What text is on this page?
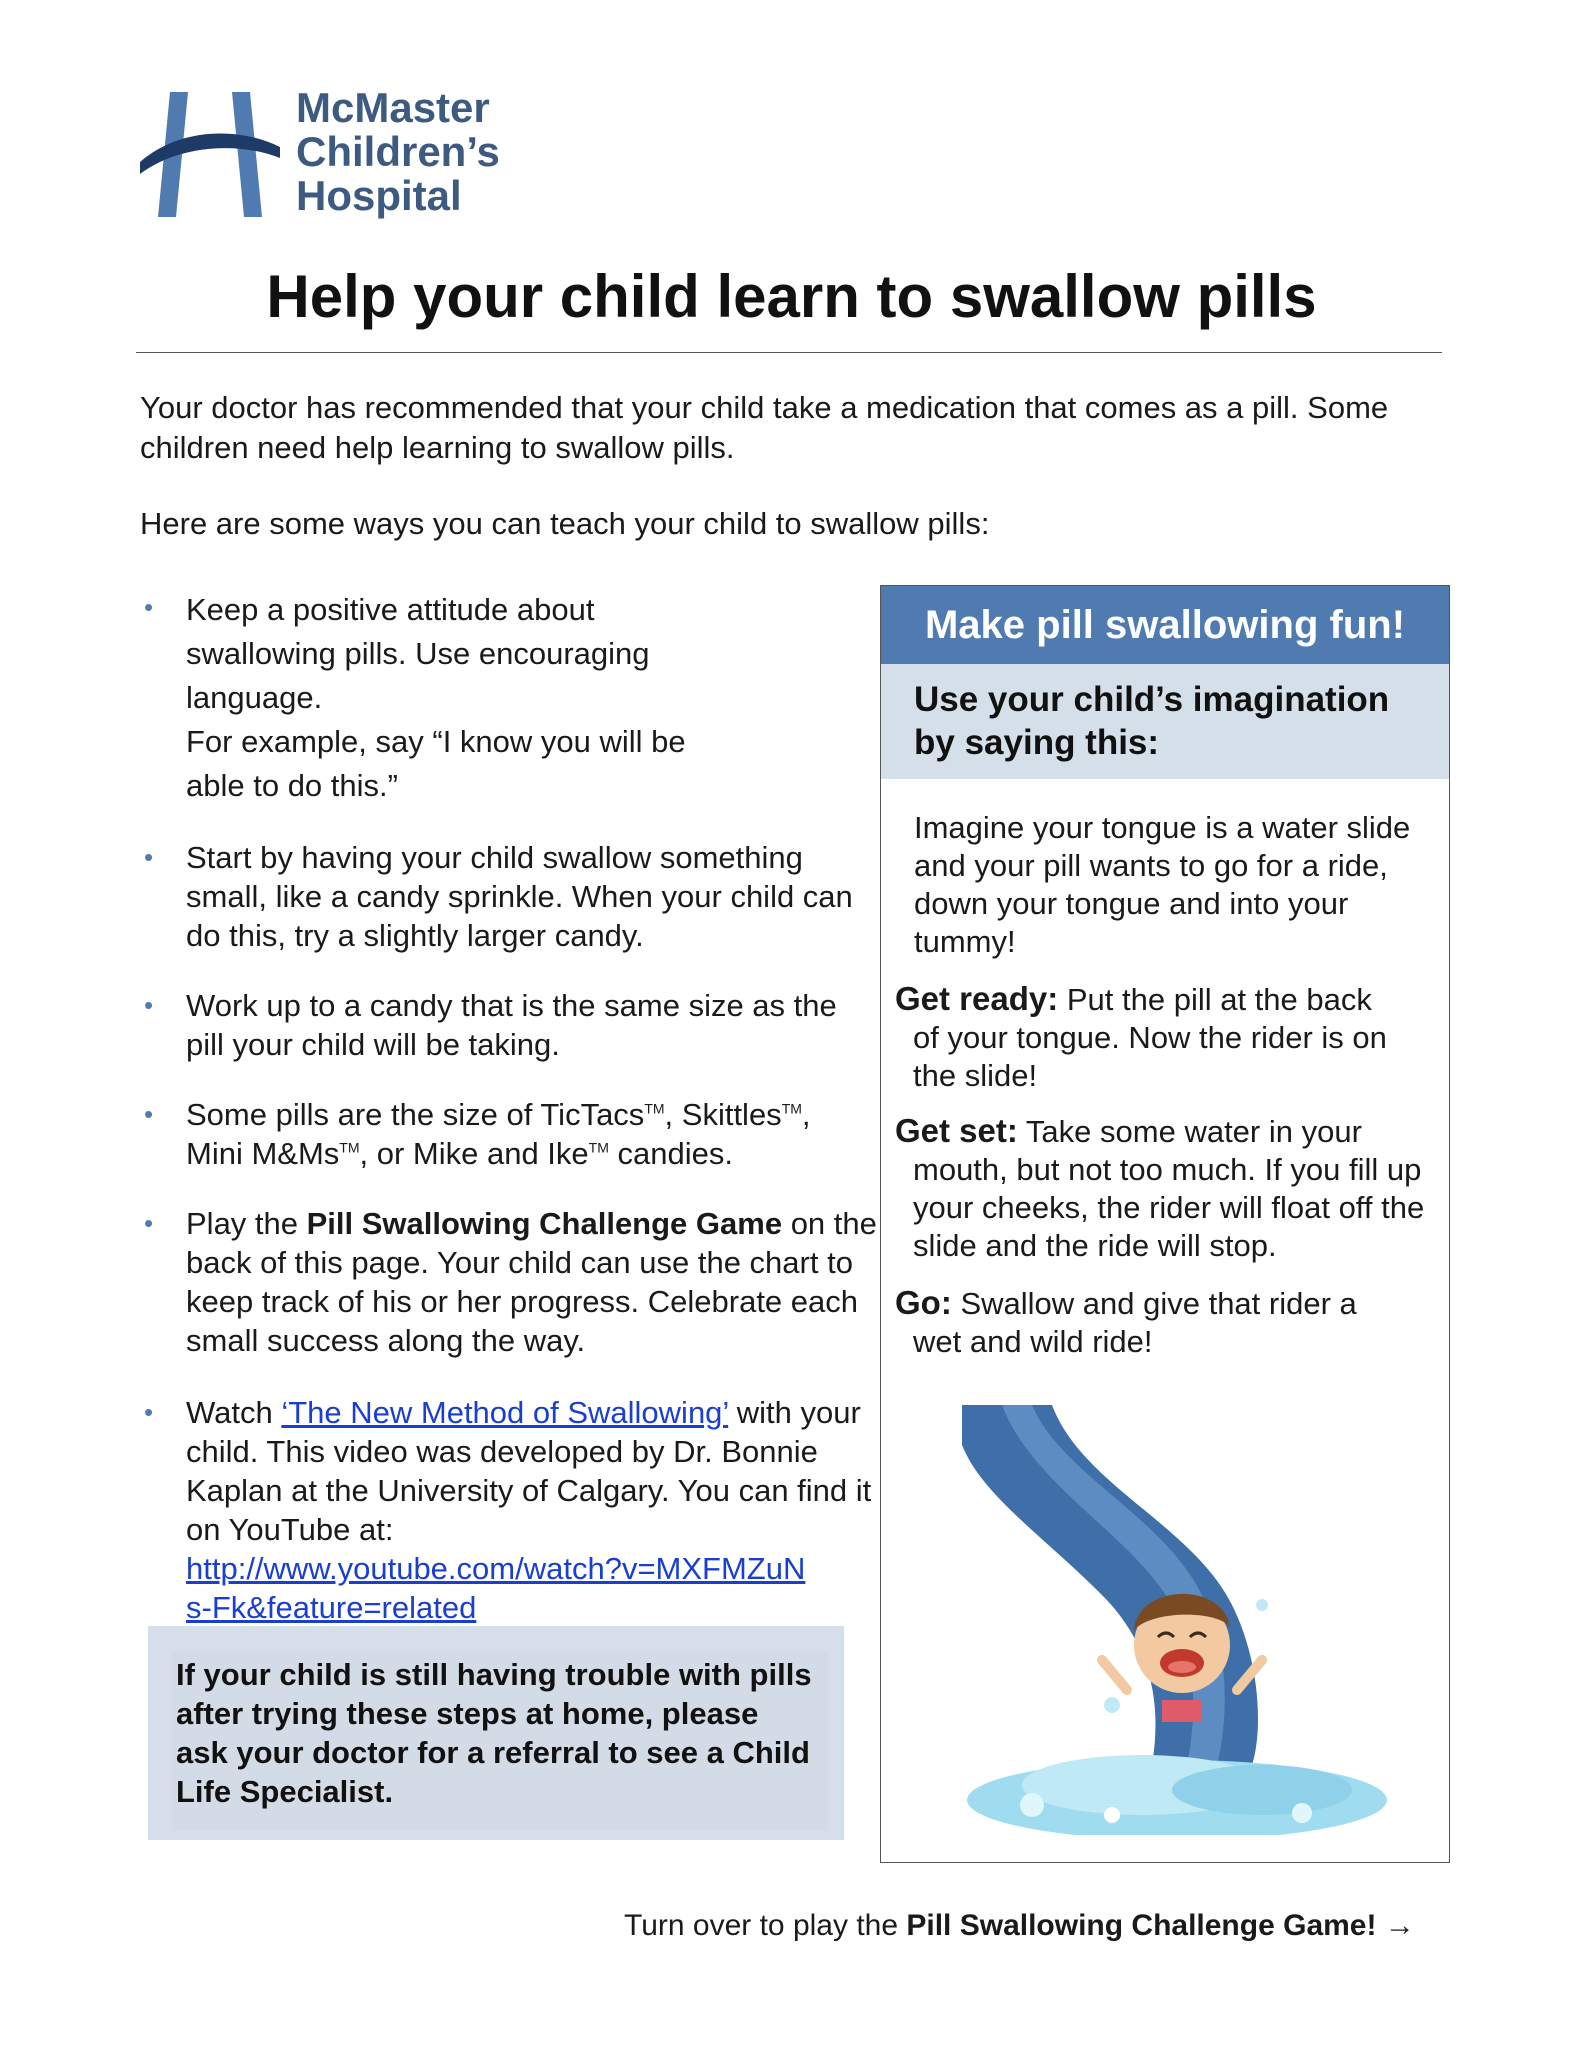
McMaster
Children’s
Hospital
Help your child learn to swallow pills

Your doctor has recommended that your child take a medication that comes as a pill. Some children need help learning to swallow pills.

Here are some ways you can teach your child to swallow pills:

• Keep a positive attitude about swallowing pills. Use encouraging language.
For example, say “I know you will be able to do this.”
• Start by having your child swallow something small, like a candy sprinkle. When your child can do this, try a slightly larger candy.
• Work up to a candy that is the same size as the pill your child will be taking.
• Some pills are the size of TicTacs™, Skittles™,
Mini M&Ms™, or Mike and Ike™ candies.
• Play the Pill Swallowing Challenge Game on the back of this page. Your child can use the chart to keep track of his or her progress. Celebrate each small success along the way.
• Watch ‘The New Method of Swallowing’ with your child. This video was developed by Dr. Bonnie Kaplan at the University of Calgary. You can find it on YouTube at:
http://www.youtube.com/watch?v=MXFMZuN
s-Fk&feature=related
If your child is still having trouble with pills after trying these steps at home, please ask your doctor for a referral to see a Child Life Specialist.
Make pill swallowing fun!
Use your child’s imagination by saying this:
Imagine your tongue is a water slide and your pill wants to go for a ride, down your tongue and into your tummy!
Get ready: Put the pill at the back
of your tongue. Now the rider is on the slide!
Get set: Take some water in your
mouth, but not too much. If you fill up your cheeks, the rider will float off the slide and the ride will stop.
Go: Swallow and give that rider a
wet and wild ride!
Turn over to play the Pill Swallowing Challenge Game! →
